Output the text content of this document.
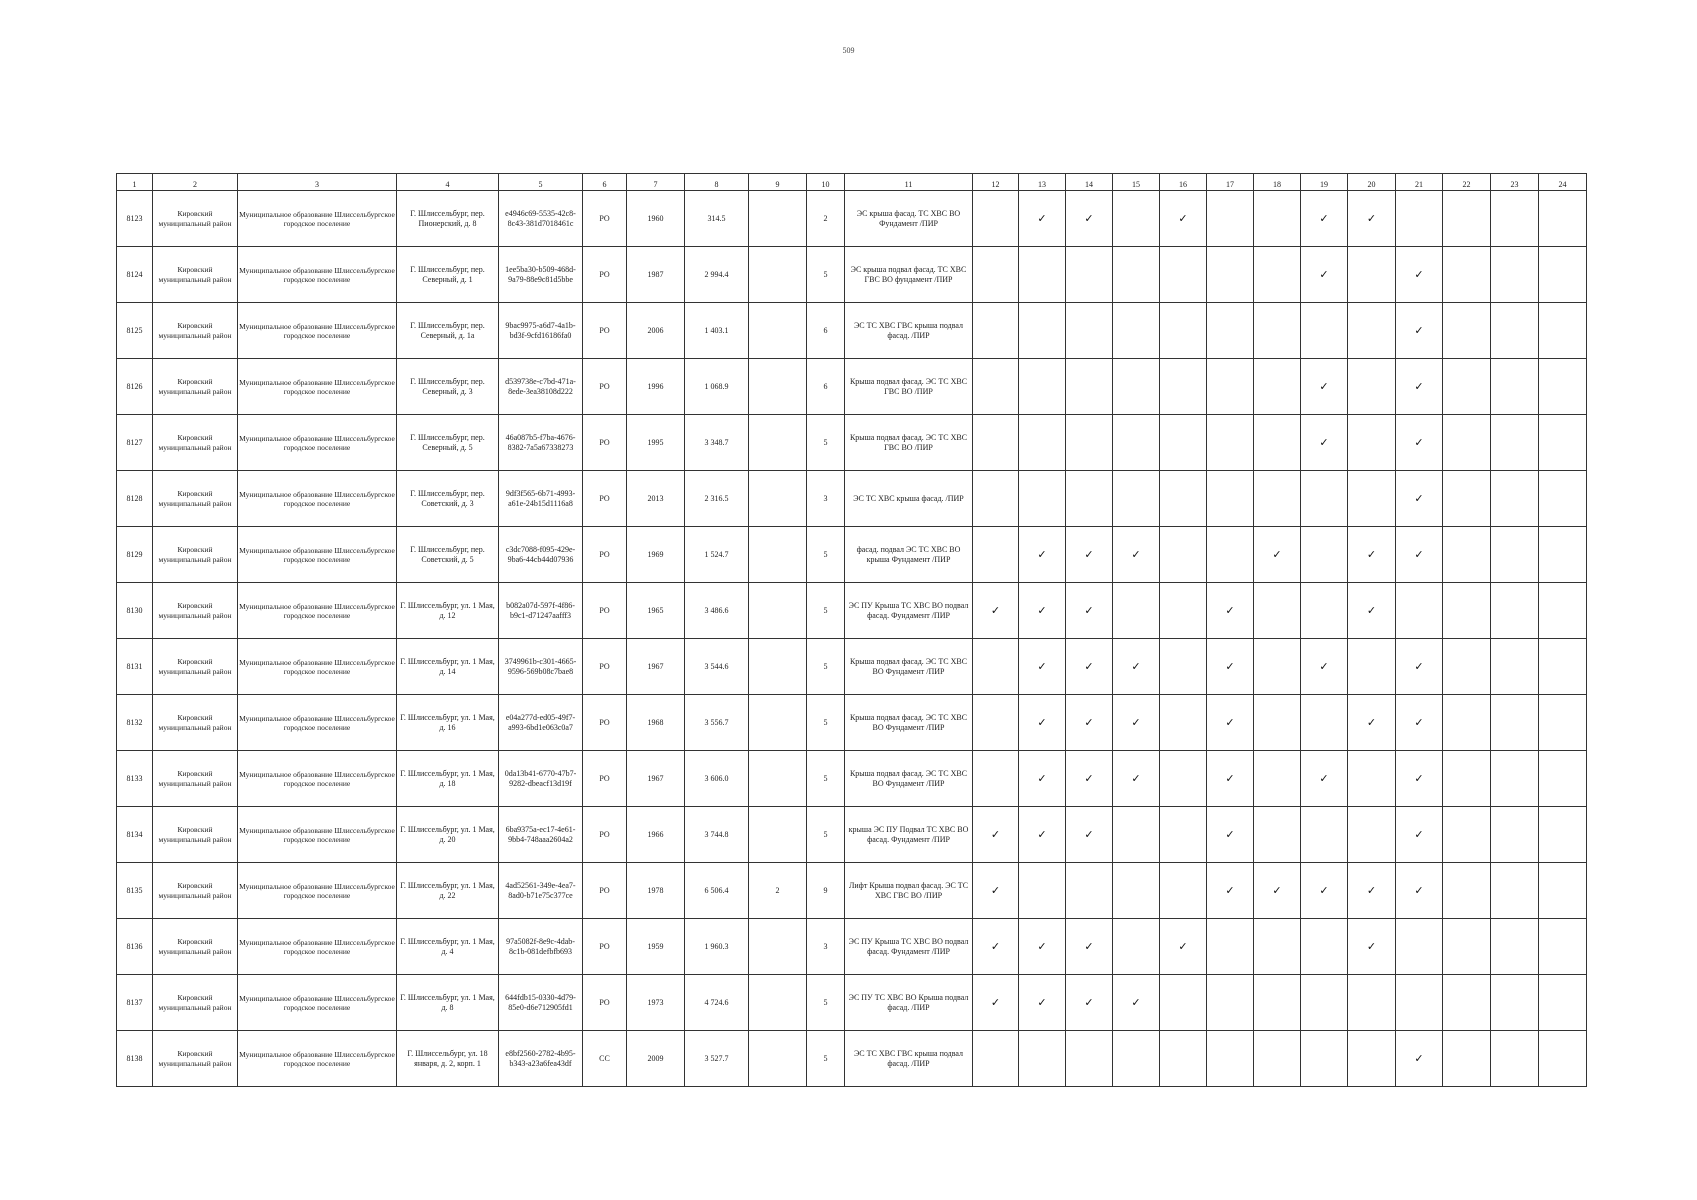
509
1	2	3	4	5	6	7	8	9	10	11	12	13	14	15	16	17	18	19	20	21	22	23	24
8123	Кировский муниципальный район	Муниципальное образование Шлиссельбургское городское поселение	Г. Шлиссельбург, пер. Пионерский, д. 8	e4946c69-5535-42c8-8c43-381d7018461c	РО	1960	314.5		2	ЭС крыша фасад. ТС ХВС ВО Фундамент /ПИР		✓	✓		✓			✓	✓				
8124	Кировский муниципальный район	Муниципальное образование Шлиссельбургское городское поселение	Г. Шлиссельбург, пер. Северный, д. 1	1ee5ba30-b509-468d-9a79-88e9c81d5bbe	РО	1987	2 994.4		5	ЭС крыша подвал фасад. ТС ХВС ГВС ВО фундамент /ПИР								✓		✓			
8125	Кировский муниципальный район	Муниципальное образование Шлиссельбургское городское поселение	Г. Шлиссельбург, пер. Северный, д. 1а	9bac9975-a6d7-4a1b-bd3f-9cfd16186fa0	РО	2006	1 403.1		6	ЭС ТС ХВС ГВС крыша подвал фасад. /ПИР										✓			
8126	Кировский муниципальный район	Муниципальное образование Шлиссельбургское городское поселение	Г. Шлиссельбург, пер. Северный, д. 3	d539738e-c7bd-471a-8ede-3ea38108d222	РО	1996	1 068.9		6	Крыша подвал фасад. ЭС ТС ХВС ГВС ВО /ПИР								✓		✓			
8127	Кировский муниципальный район	Муниципальное образование Шлиссельбургское городское поселение	Г. Шлиссельбург, пер. Северный, д. 5	46a087b5-f7ba-4676-8382-7a5a67338273	РО	1995	3 348.7		5	Крыша подвал фасад. ЭС ТС ХВС ГВС ВО /ПИР								✓		✓			
8128	Кировский муниципальный район	Муниципальное образование Шлиссельбургское городское поселение	Г. Шлиссельбург, пер. Советский, д. 3	9df3f565-6b71-4993-a61e-24b15d1116a8	РО	2013	2 316.5		3	ЭС ТС ХВС крыша фасад. /ПИР										✓			
8129	Кировский муниципальный район	Муниципальное образование Шлиссельбургское городское поселение	Г. Шлиссельбург, пер. Советский, д. 5	c3dc7088-f095-429e-9ba6-44cb44d07936	РО	1969	1 524.7		5	фасад. подвал ЭС ТС ХВС ВО крыша Фундамент /ПИР		✓	✓	✓			✓		✓	✓			
8130	Кировский муниципальный район	Муниципальное образование Шлиссельбургское городское поселение	Г. Шлиссельбург, ул. 1 Мая, д. 12	b082a07d-597f-4f86-b9c1-d71247aafff3	РО	1965	3 486.6		5	ЭС ПУ Крыша ТС ХВС ВО подвал фасад. Фундамент /ПИР	✓	✓	✓			✓			✓				
8131	Кировский муниципальный район	Муниципальное образование Шлиссельбургское городское поселение	Г. Шлиссельбург, ул. 1 Мая, д. 14	3749961b-c301-4665-9596-569b08c7bae8	РО	1967	3 544.6		5	Крыша подвал фасад. ЭС ТС ХВС ВО Фундамент /ПИР		✓	✓	✓		✓		✓		✓			
8132	Кировский муниципальный район	Муниципальное образование Шлиссельбургское городское поселение	Г. Шлиссельбург, ул. 1 Мая, д. 16	e04a277d-ed05-49f7-a993-6bd1e063c0a7	РО	1968	3 556.7		5	Крыша подвал фасад. ЭС ТС ХВС ВО Фундамент /ПИР		✓	✓	✓		✓			✓	✓			
8133	Кировский муниципальный район	Муниципальное образование Шлиссельбургское городское поселение	Г. Шлиссельбург, ул. 1 Мая, д. 18	0da13b41-6770-47b7-9282-dbeacf13d19f	РО	1967	3 606.0		5	Крыша подвал фасад. ЭС ТС ХВС ВО Фундамент /ПИР		✓	✓	✓		✓		✓		✓			
8134	Кировский муниципальный район	Муниципальное образование Шлиссельбургское городское поселение	Г. Шлиссельбург, ул. 1 Мая, д. 20	6ba9375a-ec17-4e61-9bb4-748aaa2604a2	РО	1966	3 744.8		5	крыша ЭС ПУ Подвал ТС ХВС ВО фасад. Фундамент /ПИР	✓	✓	✓			✓				✓			
8135	Кировский муниципальный район	Муниципальное образование Шлиссельбургское городское поселение	Г. Шлиссельбург, ул. 1 Мая, д. 22	4ad52561-349e-4ea7-8ad0-b71e75c377ce	РО	1978	6 506.4	2	9	Лифт Крыша подвал фасад. ЭС ТС ХВС ГВС ВО /ПИР	✓					✓	✓	✓	✓	✓			
8136	Кировский муниципальный район	Муниципальное образование Шлиссельбургское городское поселение	Г. Шлиссельбург, ул. 1 Мая, д. 4	97a5082f-8e9c-4dab-8c1b-081defbfb693	РО	1959	1 960.3		3	ЭС ПУ Крыша ТС ХВС ВО подвал фасад. Фундамент /ПИР	✓	✓	✓		✓				✓				
8137	Кировский муниципальный район	Муниципальное образование Шлиссельбургское городское поселение	Г. Шлиссельбург, ул. 1 Мая, д. 8	644fdb15-0330-4d79-85e0-d6e712905fd1	РО	1973	4 724.6		5	ЭС ПУ ТС ХВС ВО Крыша подвал фасад. /ПИР	✓	✓	✓	✓									
8138	Кировский муниципальный район	Муниципальное образование Шлиссельбургское городское поселение	Г. Шлиссельбург, ул. 18 января, д. 2, корп. 1	e8bf2560-2782-4b95-b343-a23a6fea43df	СС	2009	3 527.7		5	ЭС ТС ХВС ГВС крыша подвал фасад. /ПИР										✓			
